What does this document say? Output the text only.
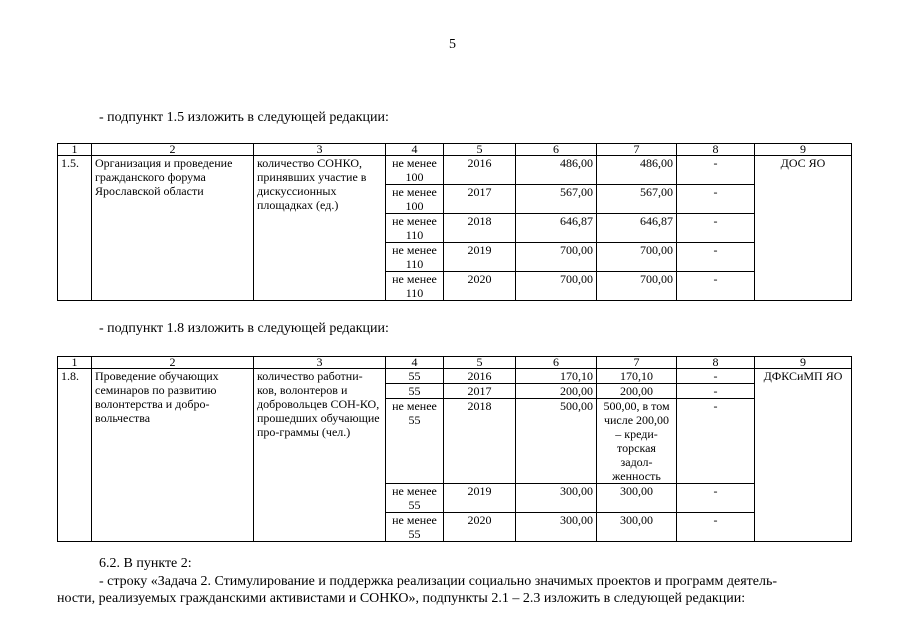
5
- подпункт 1.5 изложить в следующей редакции:
1	2	3	4	5	6	7	8	9
1.5.	Организация и проведение гражданского форума Ярославской области	количество СОНКО, принявших участие в дискуссионных площадках (ед.)	не менее 100	2016	486,00	486,00	-	ДОС ЯО
			не менее 100	2017	567,00	567,00	-	
			не менее 110	2018	646,87	646,87	-	
			не менее 110	2019	700,00	700,00	-	
			не менее 110	2020	700,00	700,00	-	
- подпункт 1.8 изложить в следующей редакции:
1	2	3	4	5	6	7	8	9
1.8.	Проведение обучающих семинаров по развитию волонтерства и добро-вольчества	количество работни-ков, волонтеров и добровольцев СОН-КО, прошедших обучающие про-граммы (чел.)	55	2016	170,10	170,10	-	ДФКСиМП ЯО
			55	2017	200,00	200,00	-	
			не менее 55	2018	500,00	500,00, в том числе 200,00 – креди-торская задол-женность	-	
			не менее 55	2019	300,00	300,00	-	
			не менее 55	2020	300,00	300,00	-	
6.2. В пункте 2:
- строку «Задача 2. Стимулирование и поддержка реализации социально значимых проектов и программ деятель-
ности, реализуемых гражданскими активистами и СОНКО», подпункты 2.1 – 2.3 изложить в следующей редакции:
